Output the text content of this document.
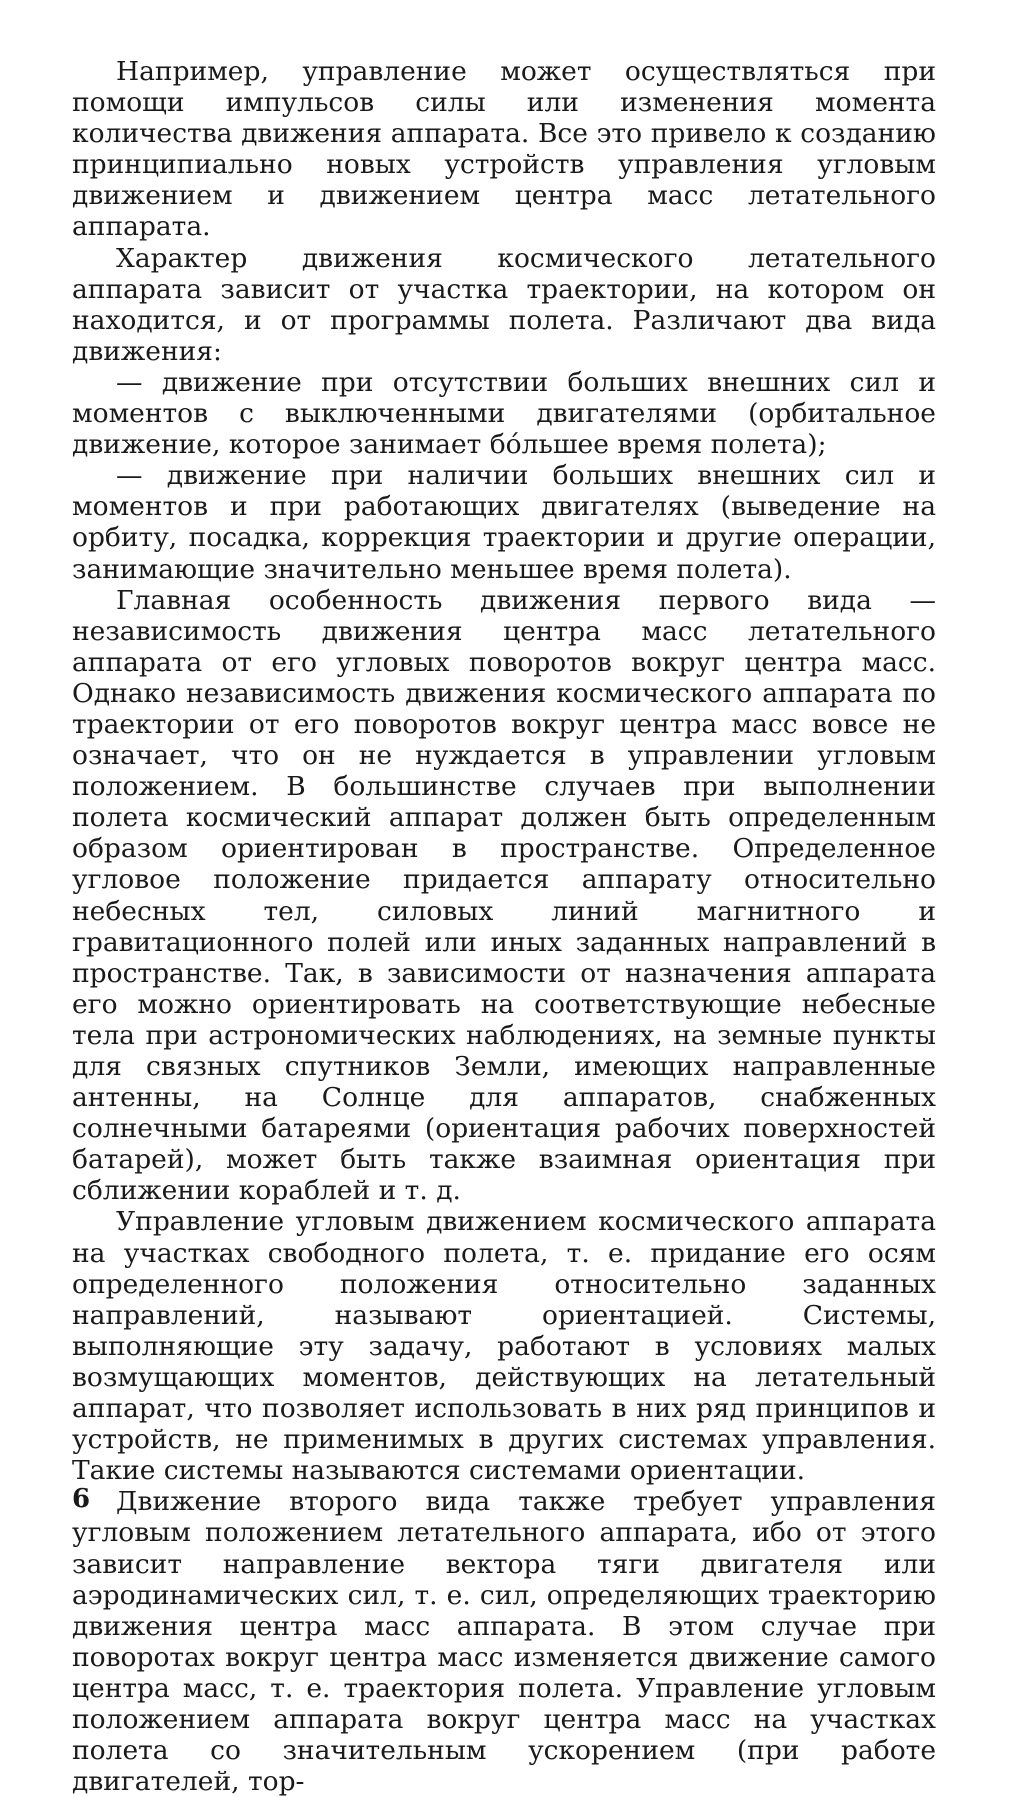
Например, управление может осуществляться при помощи импульсов силы или изменения момента количества движения аппарата. Все это привело к созданию принципиально новых устройств управления угловым движением и движением центра масс летательного аппарата.

Характер движения космического летательного аппарата зависит от участка траектории, на котором он находится, и от программы полета. Различают два вида движения:

— движение при отсутствии больших внешних сил и моментов с выключенными двигателями (орбитальное движение, которое занимает бо́льшее время полета);

— движение при наличии больших внешних сил и моментов и при работающих двигателях (выведение на орбиту, посадка, коррекция траектории и другие операции, занимающие значительно меньшее время полета).

Главная особенность движения первого вида — независимость движения центра масс летательного аппарата от его угловых поворотов вокруг центра масс. Однако независимость движения космического аппарата по траектории от его поворотов вокруг центра масс вовсе не означает, что он не нуждается в управлении угловым положением. В большинстве случаев при выполнении полета космический аппарат должен быть определенным образом ориентирован в пространстве. Определенное угловое положение придается аппарату относительно небесных тел, силовых линий магнитного и гравитационного полей или иных заданных направлений в пространстве. Так, в зависимости от назначения аппарата его можно ориентировать на соответствующие небесные тела при астрономических наблюдениях, на земные пункты для связных спутников Земли, имеющих направленные антенны, на Солнце для аппаратов, снабженных солнечными батареями (ориентация рабочих поверхностей батарей), может быть также взаимная ориентация при сближении кораблей и т. д.

Управление угловым движением космического аппарата на участках свободного полета, т. е. придание его осям определенного положения относительно заданных направлений, называют ориентацией. Системы, выполняющие эту задачу, работают в условиях малых возмущающих моментов, действующих на летательный аппарат, что позволяет использовать в них ряд принципов и устройств, не применимых в других системах управления. Такие системы называются системами ориентации.

Движение второго вида также требует управления угловым положением летательного аппарата, ибо от этого зависит направление вектора тяги двигателя или аэродинамических сил, т. е. сил, определяющих траекторию движения центра масс аппарата. В этом случае при поворотах вокруг центра масс изменяется движение самого центра масс, т. е. траектория полета. Управление угловым положением аппарата вокруг центра масс на участках полета со значительным ускорением (при работе двигателей, тор-

6
